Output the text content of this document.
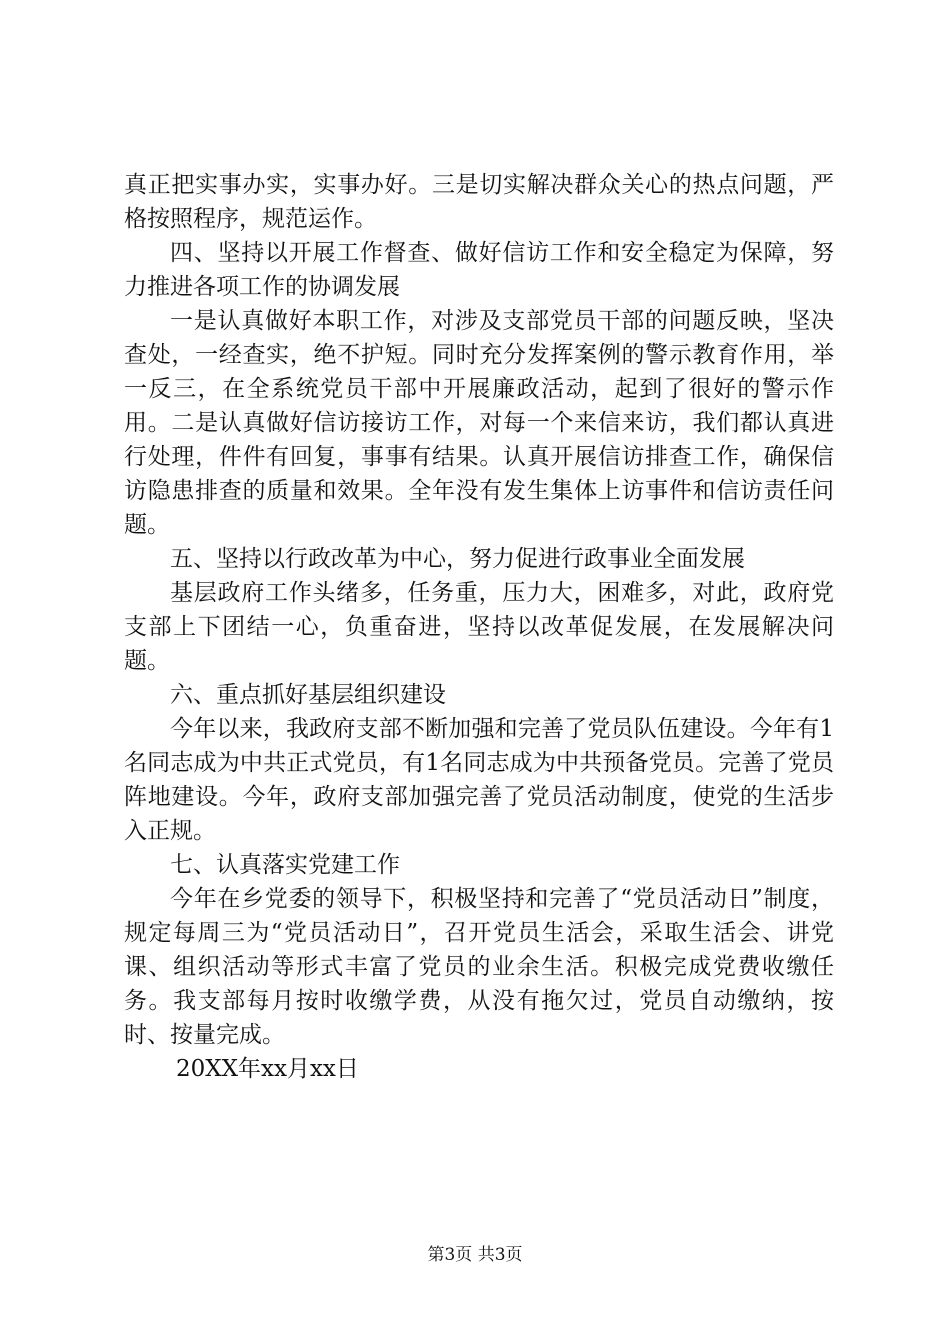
真正把实事办实，实事办好。三是切实解决群众关心的热点问题，严格按照程序，规范运作。

四、坚持以开展工作督查、做好信访工作和安全稳定为保障，努力推进各项工作的协调发展

一是认真做好本职工作，对涉及支部党员干部的问题反映，坚决查处，一经查实，绝不护短。同时充分发挥案例的警示教育作用，举一反三，在全系统党员干部中开展廉政活动，起到了很好的警示作用。二是认真做好信访接访工作，对每一个来信来访，我们都认真进行处理，件件有回复，事事有结果。认真开展信访排查工作，确保信访隐患排查的质量和效果。全年没有发生集体上访事件和信访责任问题。

五、坚持以行政改革为中心，努力促进行政事业全面发展

基层政府工作头绪多，任务重，压力大，困难多，对此，政府党支部上下团结一心，负重奋进，坚持以改革促发展，在发展解决问题。

六、重点抓好基层组织建设

今年以来，我政府支部不断加强和完善了党员队伍建设。今年有1名同志成为中共正式党员，有1名同志成为中共预备党员。完善了党员阵地建设。今年，政府支部加强完善了党员活动制度，使党的生活步入正规。

七、认真落实党建工作

今年在乡党委的领导下，积极坚持和完善了“党员活动日”制度，规定每周三为“党员活动日”，召开党员生活会，采取生活会、讲党课、组织活动等形式丰富了党员的业余生活。积极完成党费收缴任务。我支部每月按时收缴学费，从没有拖欠过，党员自动缴纳，按时、按量完成。

20XX年xx月xx日

第3页 共3页
